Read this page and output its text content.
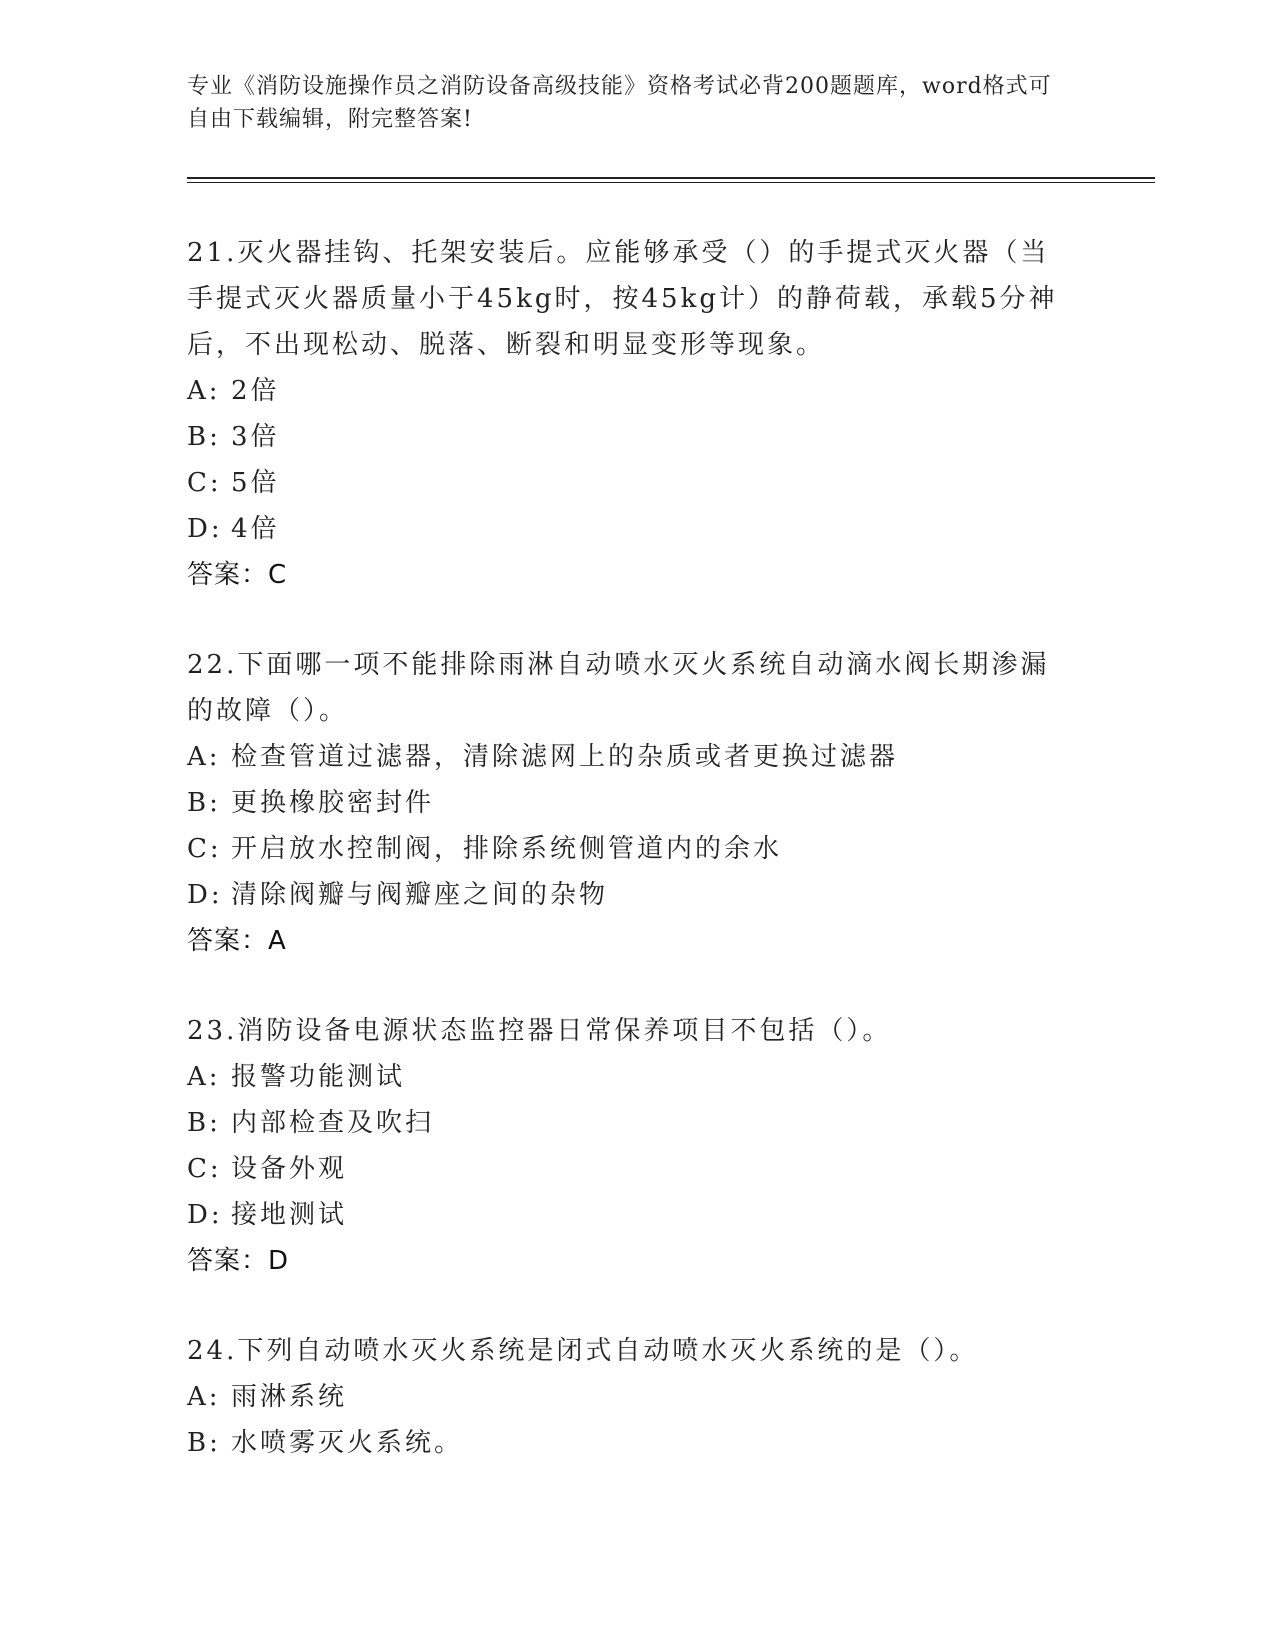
专业《消防设施操作员之消防设备高级技能》资格考试必背200题题库，word格式可自由下载编辑，附完整答案!

21.灭火器挂钩、托架安装后。应能够承受（）的手提式灭火器（当手提式灭火器质量小于45kg时，按45kg计）的静荷载，承载5分神后，不出现松动、脱落、断裂和明显变形等现象。

A: 2倍

B: 3倍

C: 5倍

D: 4倍

答案：C

22.下面哪一项不能排除雨淋自动喷水灭火系统自动滴水阀长期渗漏的故障（）。

A: 检查管道过滤器，清除滤网上的杂质或者更换过滤器

B: 更换橡胶密封件

C: 开启放水控制阀，排除系统侧管道内的余水

D: 清除阀瓣与阀瓣座之间的杂物

答案：A

23.消防设备电源状态监控器日常保养项目不包括（）。

A: 报警功能测试

B: 内部检查及吹扫

C: 设备外观

D: 接地测试

答案：D

24.下列自动喷水灭火系统是闭式自动喷水灭火系统的是（）。

A: 雨淋系统

B: 水喷雾灭火系统。
